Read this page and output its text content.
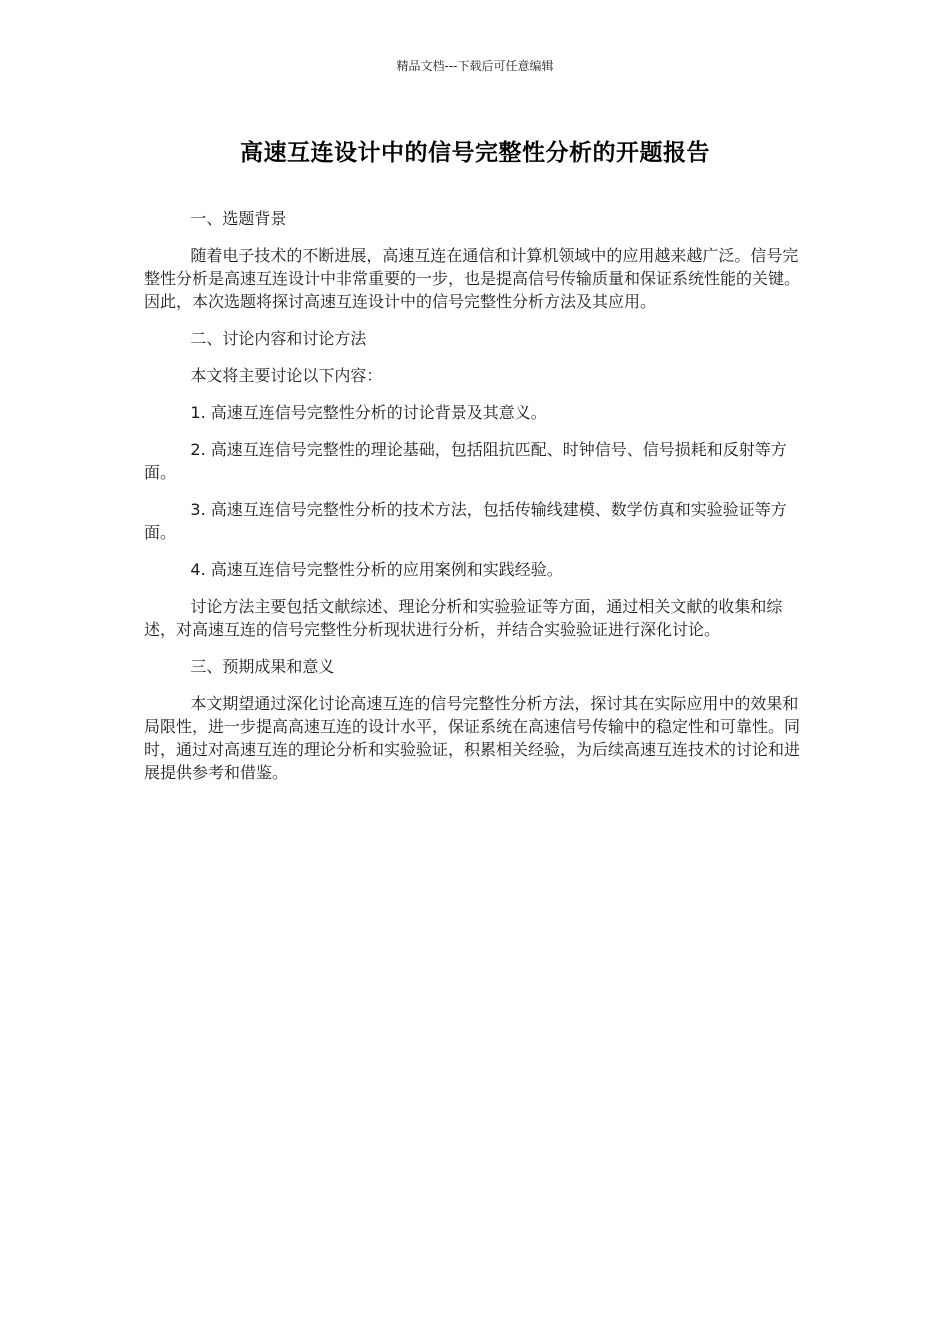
精品文档---下载后可任意编辑
高速互连设计中的信号完整性分析的开题报告

一、选题背景

随着电子技术的不断进展，高速互连在通信和计算机领域中的应用越来越广泛。信号完整性分析是高速互连设计中非常重要的一步，也是提高信号传输质量和保证系统性能的关键。因此，本次选题将探讨高速互连设计中的信号完整性分析方法及其应用。

二、讨论内容和讨论方法

本文将主要讨论以下内容：

1. 高速互连信号完整性分析的讨论背景及其意义。

2. 高速互连信号完整性的理论基础，包括阻抗匹配、时钟信号、信号损耗和反射等方面。

3. 高速互连信号完整性分析的技术方法，包括传输线建模、数学仿真和实验验证等方面。

4. 高速互连信号完整性分析的应用案例和实践经验。

讨论方法主要包括文献综述、理论分析和实验验证等方面，通过相关文献的收集和综述，对高速互连的信号完整性分析现状进行分析，并结合实验验证进行深化讨论。

三、预期成果和意义

本文期望通过深化讨论高速互连的信号完整性分析方法，探讨其在实际应用中的效果和局限性，进一步提高高速互连的设计水平，保证系统在高速信号传输中的稳定性和可靠性。同时，通过对高速互连的理论分析和实验验证，积累相关经验，为后续高速互连技术的讨论和进展提供参考和借鉴。
